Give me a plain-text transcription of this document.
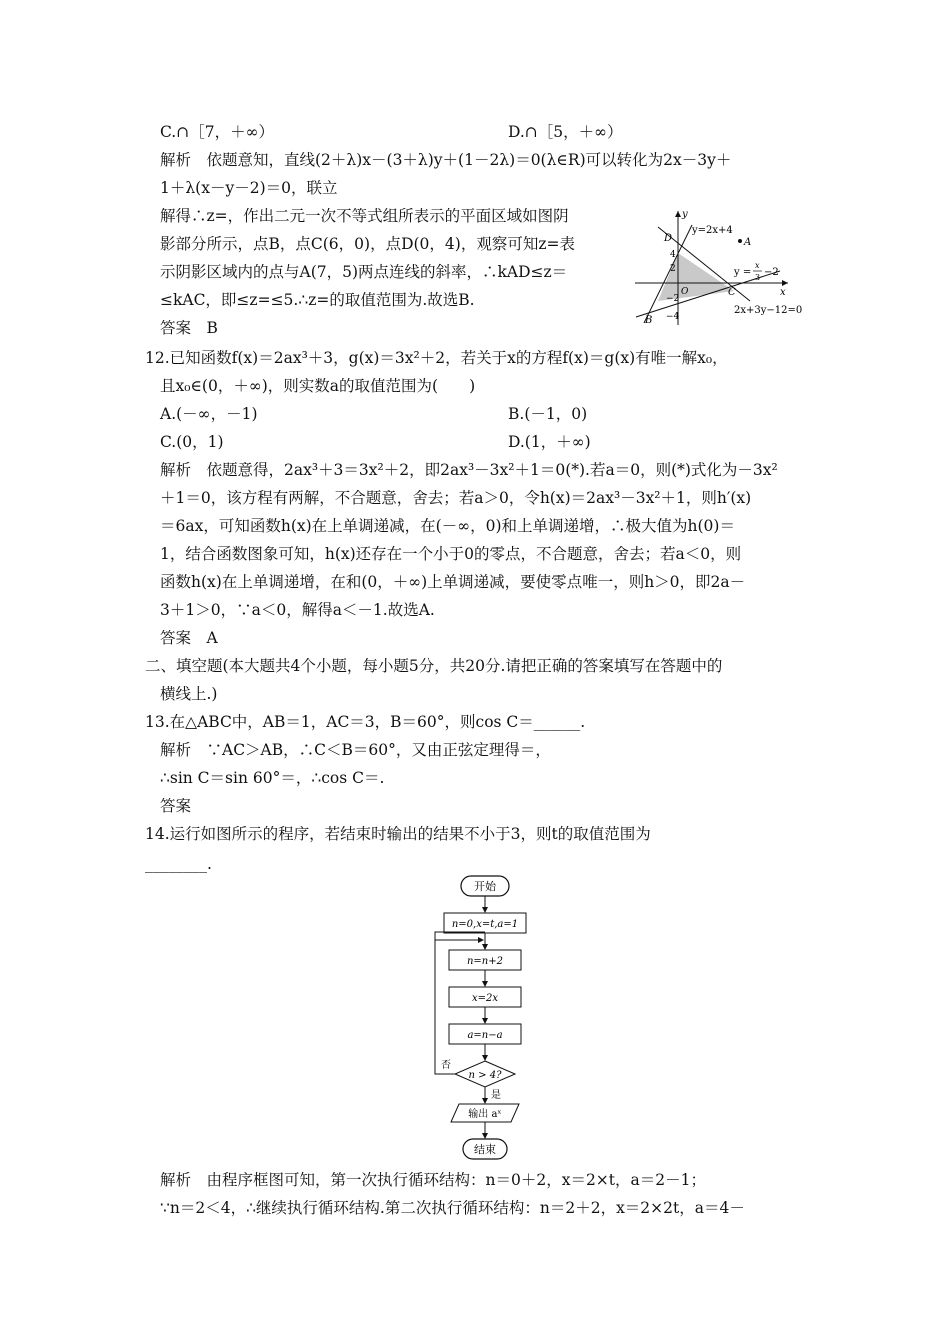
C.∩［7，＋∞）	D.∩［5，＋∞）
解析　依题意知，直线(2＋λ)x－(3＋λ)y＋(1－2λ)＝0(λ∈R)可以转化为2x－3y＋
1＋λ(x－y－2)＝0，联立
解得∴z=，作出二元一次不等式组所表示的平面区域如图阴
影部分所示，点B，点C(6，0)，点D(0，4)，观察可知z=表
示阴影区域内的点与A(7，5)两点连线的斜率，∴kAD≤z＝
≤kAC，即≤z=≤5.∴z=的取值范围为.故选B.
答案　B
y
x
y=2x+4
y =
x
3 −2
2x+3y−12=0
A
B
C
D
O
4
2
−2
−4
12.已知函数f(x)＝2ax³＋3，g(x)＝3x²＋2，若关于x的方程f(x)＝g(x)有唯一解x₀，
且x₀∈(0，＋∞)，则实数a的取值范围为(　　)
A.(－∞，－1)	B.(－1，0)
C.(0，1)	D.(1，＋∞)
解析　依题意得，2ax³＋3＝3x²＋2，即2ax³－3x²＋1＝0(*).若a＝0，则(*)式化为－3x²
＋1＝0，该方程有两解，不合题意，舍去；若a＞0，令h(x)＝2ax³－3x²＋1，则h′(x)
＝6ax，可知函数h(x)在上单调递减，在(－∞，0)和上单调递增，∴极大值为h(0)＝
1，结合函数图象可知，h(x)还存在一个小于0的零点，不合题意，舍去；若a＜0，则
函数h(x)在上单调递增，在和(0，＋∞)上单调递减，要使零点唯一，则h＞0，即2a－
3＋1＞0，∵a＜0，解得a＜－1.故选A.
答案　A
二、填空题(本大题共4个小题，每小题5分，共20分.请把正确的答案填写在答题中的
横线上.)
13.在△ABC中，AB＝1，AC＝3，B＝60°，则cos C＝______.
解析　∵AC＞AB，∴C＜B＝60°，又由正弦定理得＝，
∴sin C＝sin 60°＝，∴cos C＝.
答案
14.运行如图所示的程序，若结束时输出的结果不小于3，则t的取值范围为
________.
开始
n=0,x=t,a=1
n=n+2
x=2x
a=n−a
n > 4?
否
是
输出 aˣ
结束
解析　由程序框图可知，第一次执行循环结构：n＝0＋2，x＝2×t，a＝2－1；
∵n＝2＜4，∴继续执行循环结构.第二次执行循环结构：n＝2＋2，x＝2×2t，a＝4－
